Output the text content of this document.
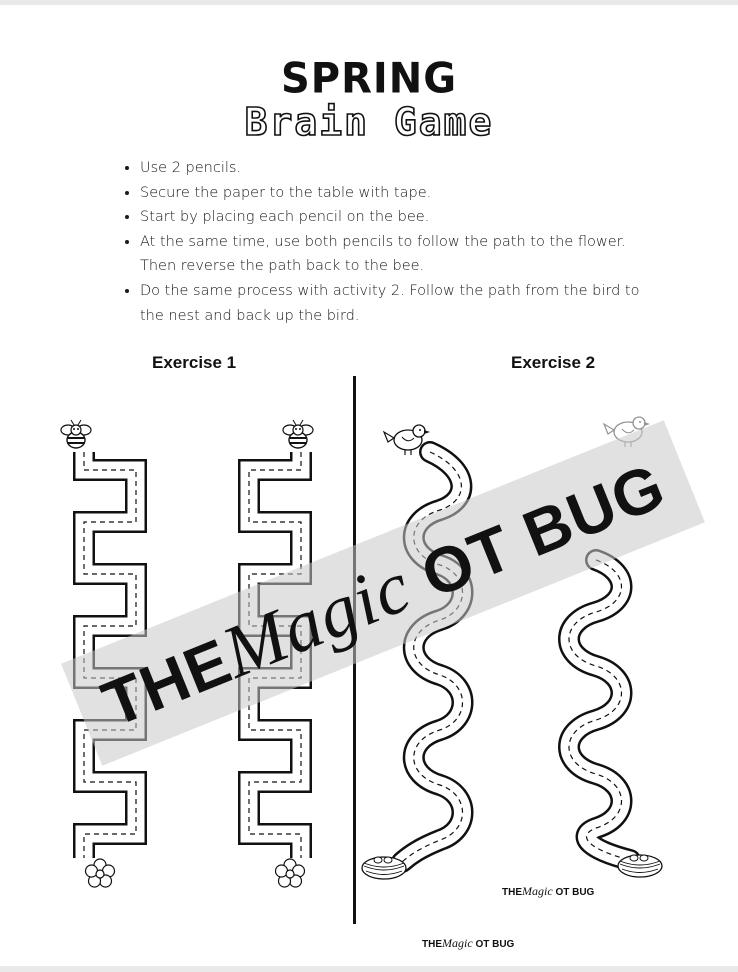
SPRING
Brain Game
• Use 2 pencils.
• Secure the paper to the table with tape.
• Start by placing each pencil on the bee.
• At the same time, use both pencils to follow the path to the flower. Then reverse the path back to the bee.
• Do the same process with activity 2. Follow the path from the bird to the nest and back up the bird.
Exercise 1	Exercise 2
THEMagic OT BUG
THEMagic OT BUG
THEMagic OT BUG
